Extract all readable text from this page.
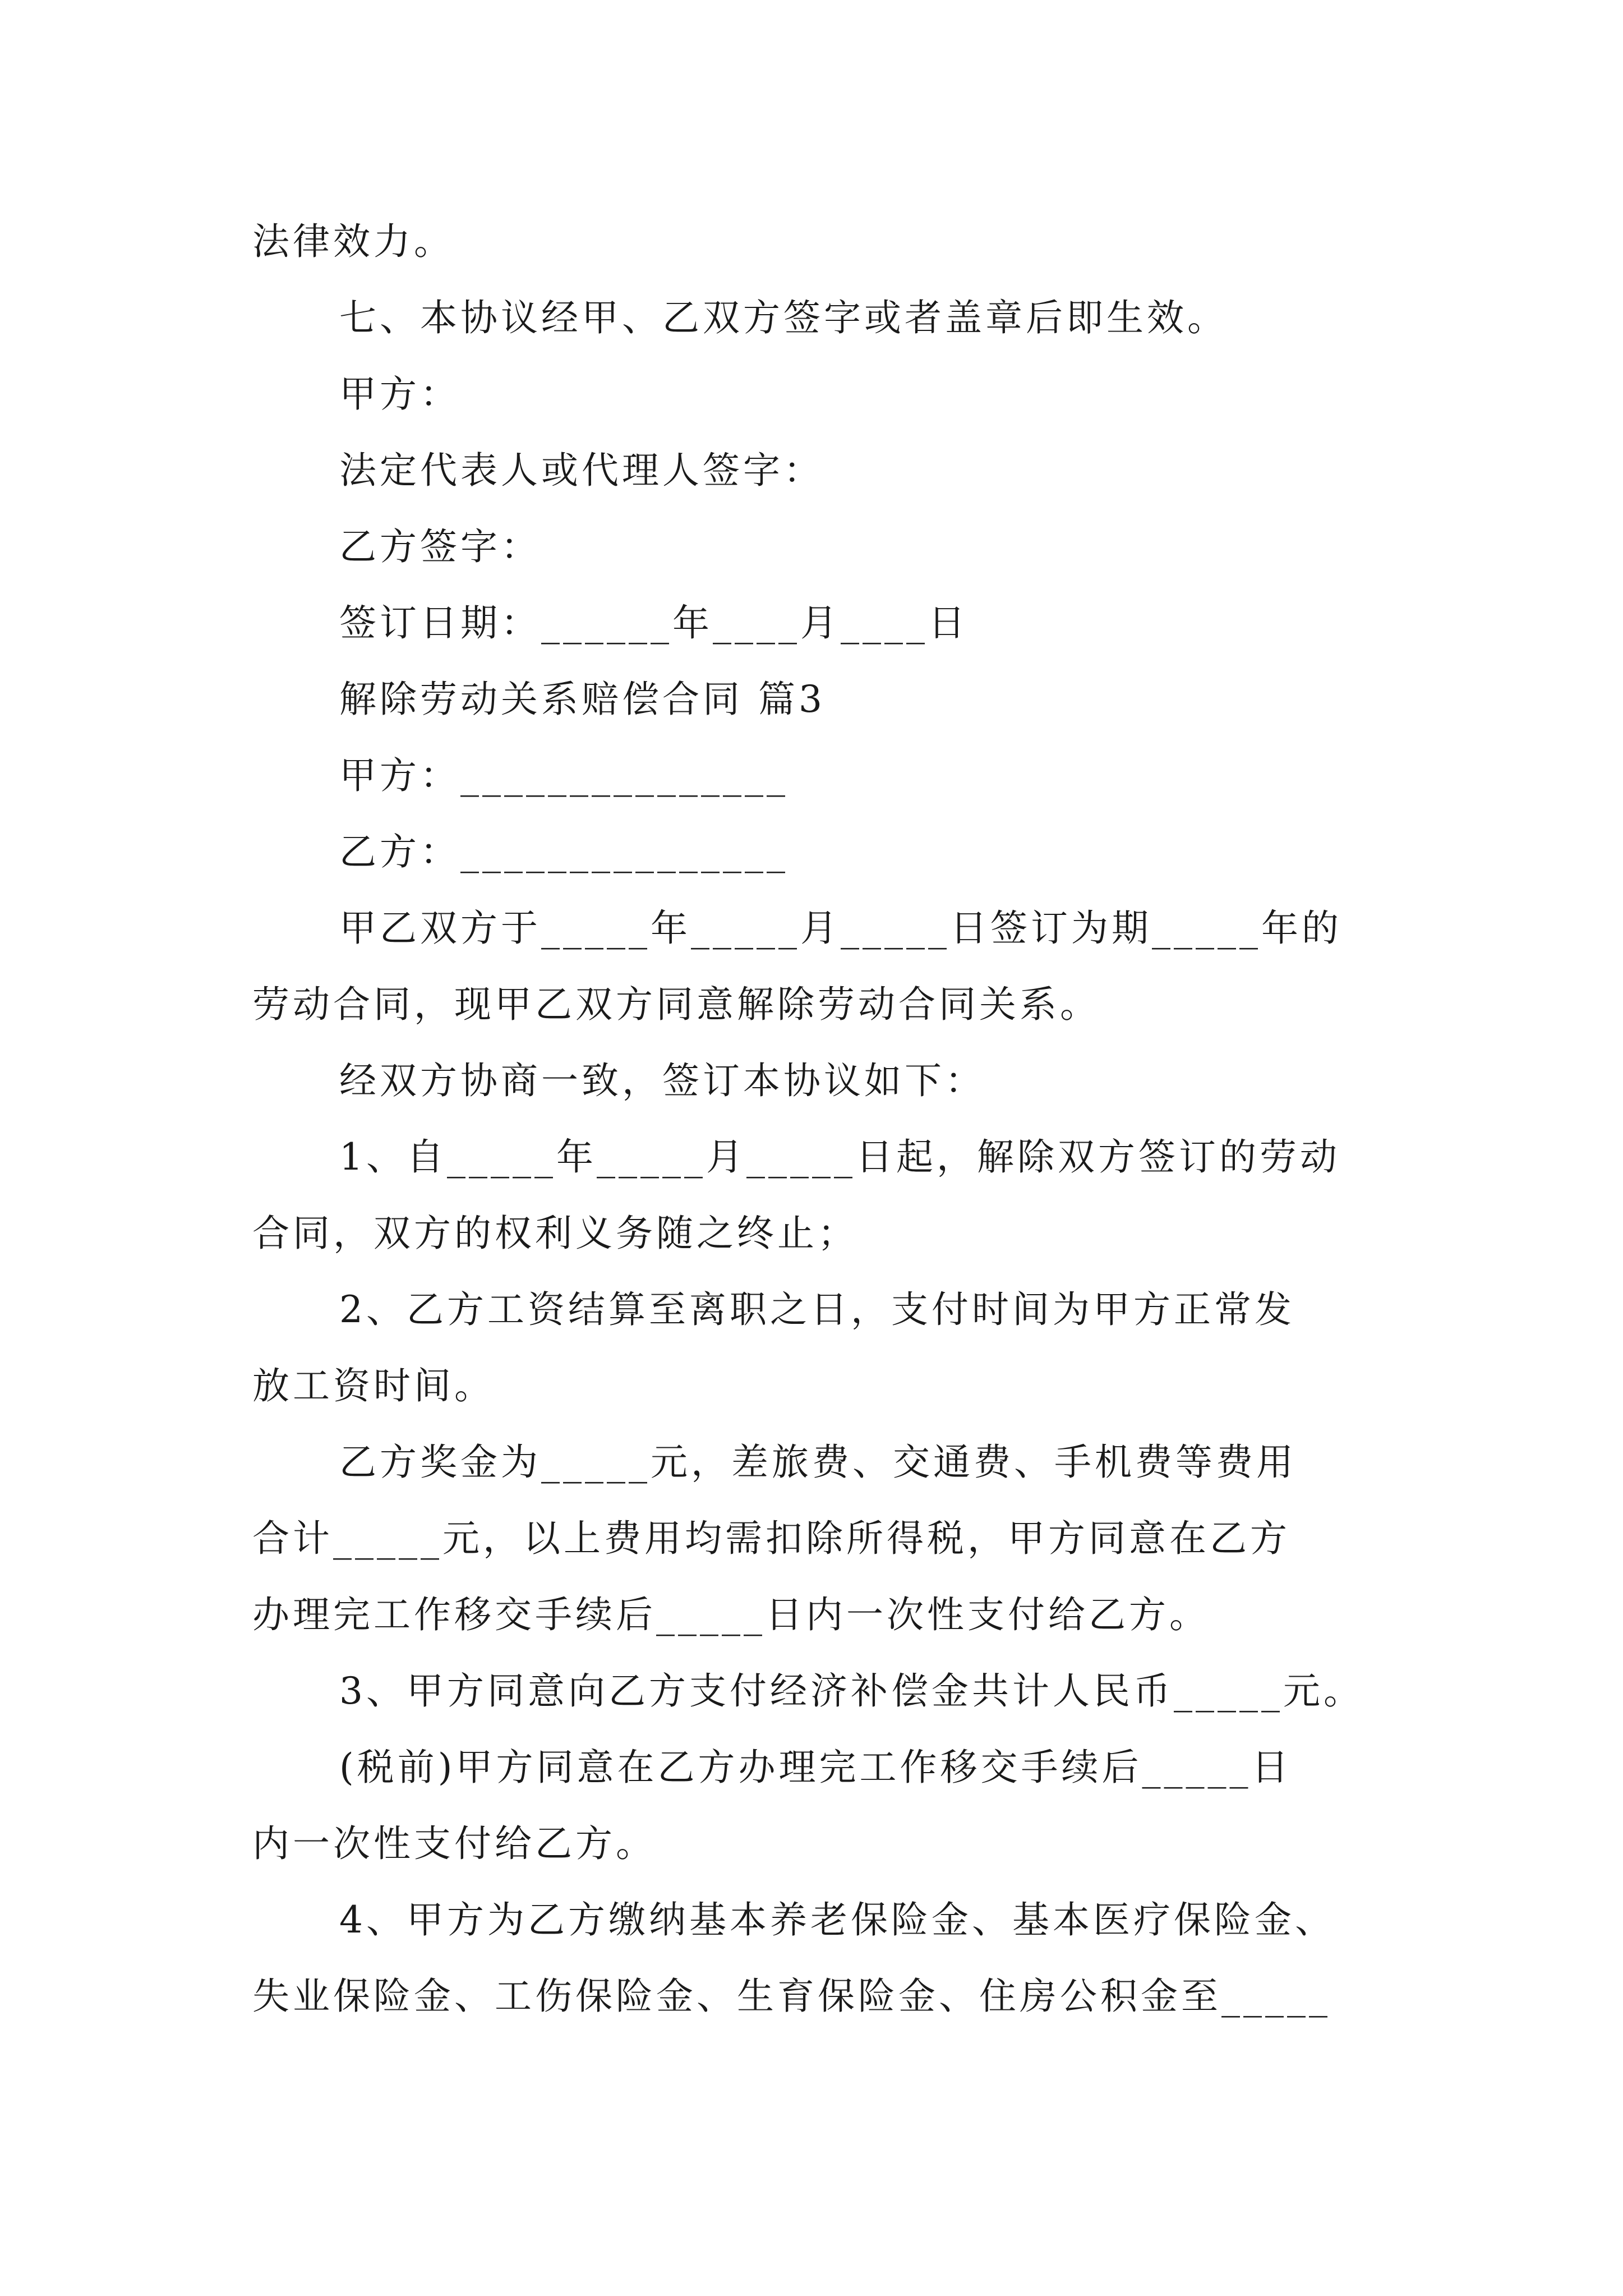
法律效力。
七、本协议经甲、乙双方签字或者盖章后即生效。
甲方：
法定代表人或代理人签字：
乙方签字：
签订日期：______年____月____日
解除劳动关系赔偿合同 篇3
甲方：_______________
乙方：_______________
甲乙双方于_____年_____月_____日签订为期_____年的
劳动合同，现甲乙双方同意解除劳动合同关系。
经双方协商一致，签订本协议如下：
1、自_____年_____月_____日起，解除双方签订的劳动
合同，双方的权利义务随之终止；
2、乙方工资结算至离职之日，支付时间为甲方正常发
放工资时间。
乙方奖金为_____元，差旅费、交通费、手机费等费用
合计_____元，以上费用均需扣除所得税，甲方同意在乙方
办理完工作移交手续后_____日内一次性支付给乙方。
3、甲方同意向乙方支付经济补偿金共计人民币_____元。
(税前)甲方同意在乙方办理完工作移交手续后_____日
内一次性支付给乙方。
4、甲方为乙方缴纳基本养老保险金、基本医疗保险金、
失业保险金、工伤保险金、生育保险金、住房公积金至_____
